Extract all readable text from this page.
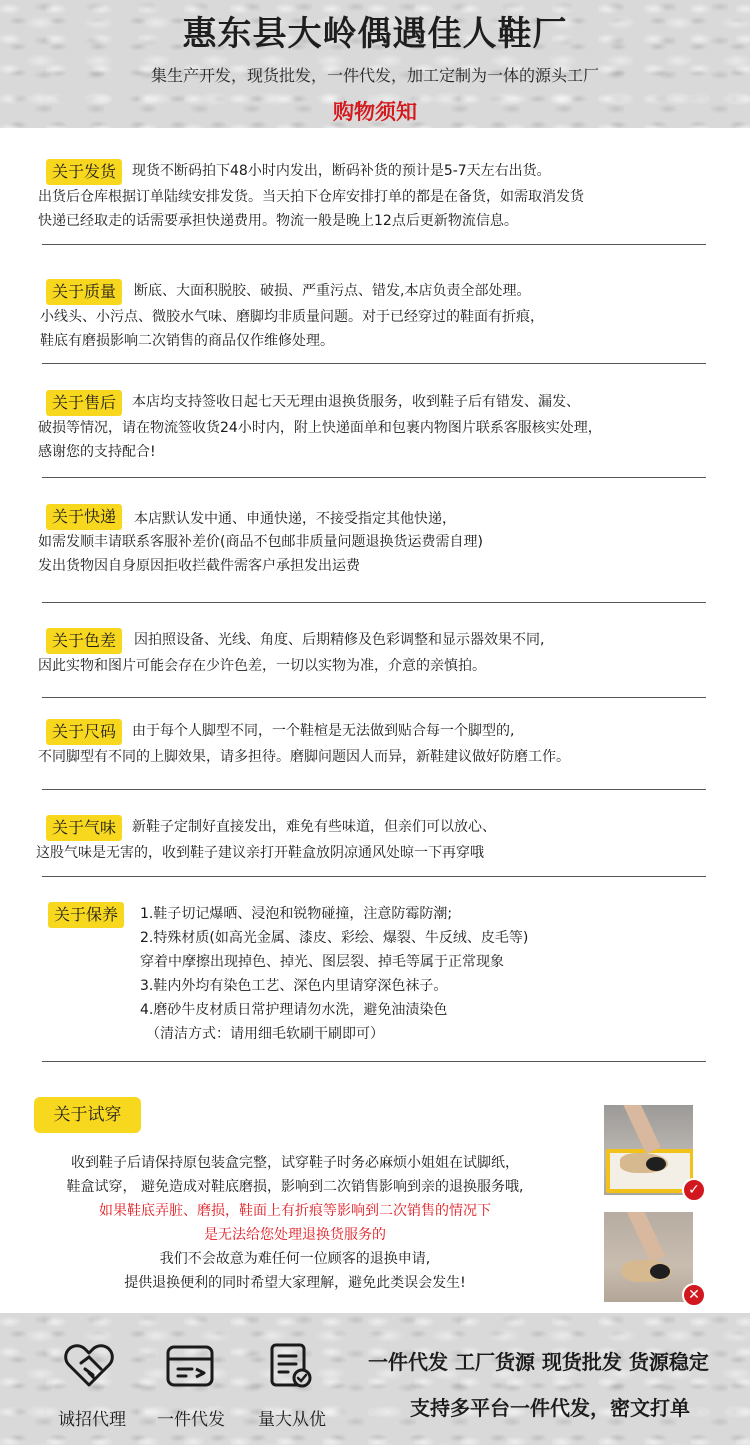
惠东县大岭偶遇佳人鞋厂
集生产开发，现货批发，一件代发，加工定制为一体的源头工厂
购物须知
关于发货 现货不断码拍下48小时内发出，断码补货的预计是5-7天左右出货。
出货后仓库根据订单陆续安排发货。当天拍下仓库安排打单的都是在备货，如需取消发货
快递已经取走的话需要承担快递费用。物流一般是晚上12点后更新物流信息。
关于质量 断底、大面积脱胶、破损、严重污点、错发,本店负责全部处理。
小线头、小污点、微胶水气味、磨脚均非质量问题。对于已经穿过的鞋面有折痕，
鞋底有磨损影响二次销售的商品仅作维修处理。
关于售后 本店均支持签收日起七天无理由退换货服务，收到鞋子后有错发、漏发、
破损等情况，请在物流签收货24小时内，附上快递面单和包裹内物图片联系客服核实处理，
感谢您的支持配合!
关于快递 本店默认发中通、申通快递，不接受指定其他快递，
如需发顺丰请联系客服补差价(商品不包邮非质量问题退换货运费需自理)
发出货物因自身原因拒收拦截件需客户承担发出运费
关于色差 因拍照设备、光线、角度、后期精修及色彩调整和显示器效果不同,
因此实物和图片可能会存在少许色差，一切以实物为准，介意的亲慎拍。
关于尺码 由于每个人脚型不同，一个鞋楦是无法做到贴合每一个脚型的,
不同脚型有不同的上脚效果，请多担待。磨脚问题因人而异，新鞋建议做好防磨工作。
关于气味 新鞋子定制好直接发出，难免有些味道，但亲们可以放心、
这股气味是无害的，收到鞋子建议亲打开鞋盒放阴凉通风处晾一下再穿哦
关于保养	1.鞋子切记爆晒、浸泡和锐物碰撞，注意防霉防潮;
2.特殊材质(如高光金属、漆皮、彩绘、爆裂、牛反绒、皮毛等)
穿着中摩擦出现掉色、掉光、图层裂、掉毛等属于正常现象
3.鞋内外均有染色工艺、深色内里请穿深色袜子。
4.磨砂牛皮材质日常护理请勿水洗，避免油渍染色
（清洁方式：请用细毛软刷干刷即可）
关于试穿
收到鞋子后请保持原包装盒完整，试穿鞋子时务必麻烦小姐姐在试脚纸，
鞋盒试穿， 避免造成对鞋底磨损，影响到二次销售影响到亲的退换服务哦,
如果鞋底弄脏、磨损，鞋面上有折痕等影响到二次销售的情况下
是无法给您处理退换货服务的
我们不会故意为难任何一位顾客的退换申请,
提供退换便利的同时希望大家理解，避免此类误会发生!
✓
✕
诚招代理	一件代发	量大从优
一件代发 工厂货源 现货批发 货源稳定
支持多平台一件代发，密文打单
